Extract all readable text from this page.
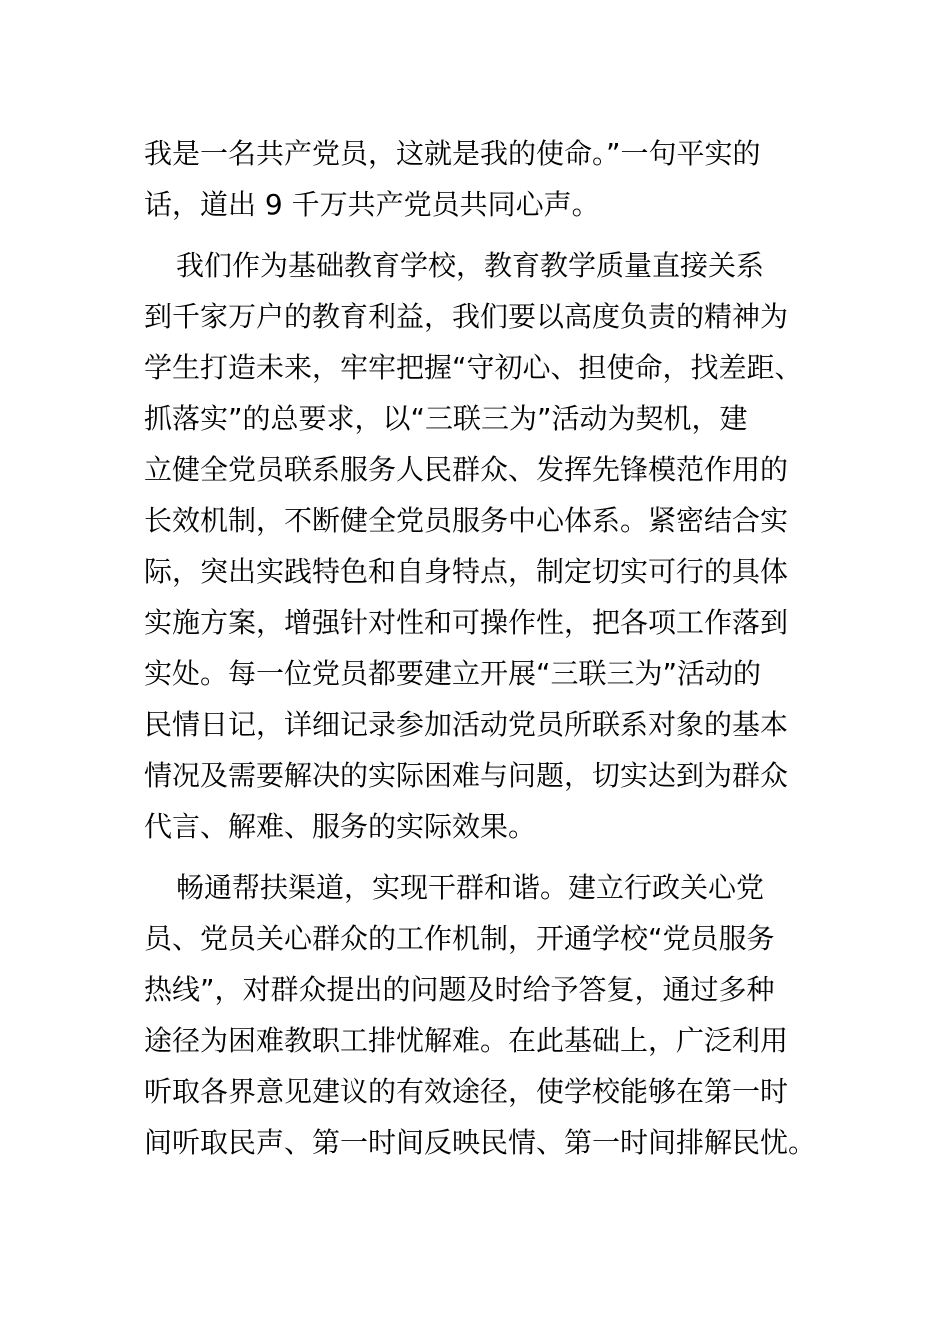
我是一名共产党员，这就是我的使命。”一句平实的
话，道出 9 千万共产党员共同心声。
我们作为基础教育学校，教育教学质量直接关系
到千家万户的教育利益，我们要以高度负责的精神为
学生打造未来，牢牢把握“守初心、担使命，找差距、
抓落实”的总要求，以“三联三为”活动为契机，建
立健全党员联系服务人民群众、发挥先锋模范作用的
长效机制，不断健全党员服务中心体系。紧密结合实
际，突出实践特色和自身特点，制定切实可行的具体
实施方案，增强针对性和可操作性，把各项工作落到
实处。每一位党员都要建立开展“三联三为”活动的
民情日记，详细记录参加活动党员所联系对象的基本
情况及需要解决的实际困难与问题，切实达到为群众
代言、解难、服务的实际效果。
畅通帮扶渠道，实现干群和谐。建立行政关心党
员、党员关心群众的工作机制，开通学校“党员服务
热线”，对群众提出的问题及时给予答复，通过多种
途径为困难教职工排忧解难。在此基础上，广泛利用
听取各界意见建议的有效途径，使学校能够在第一时
间听取民声、第一时间反映民情、第一时间排解民忧。
